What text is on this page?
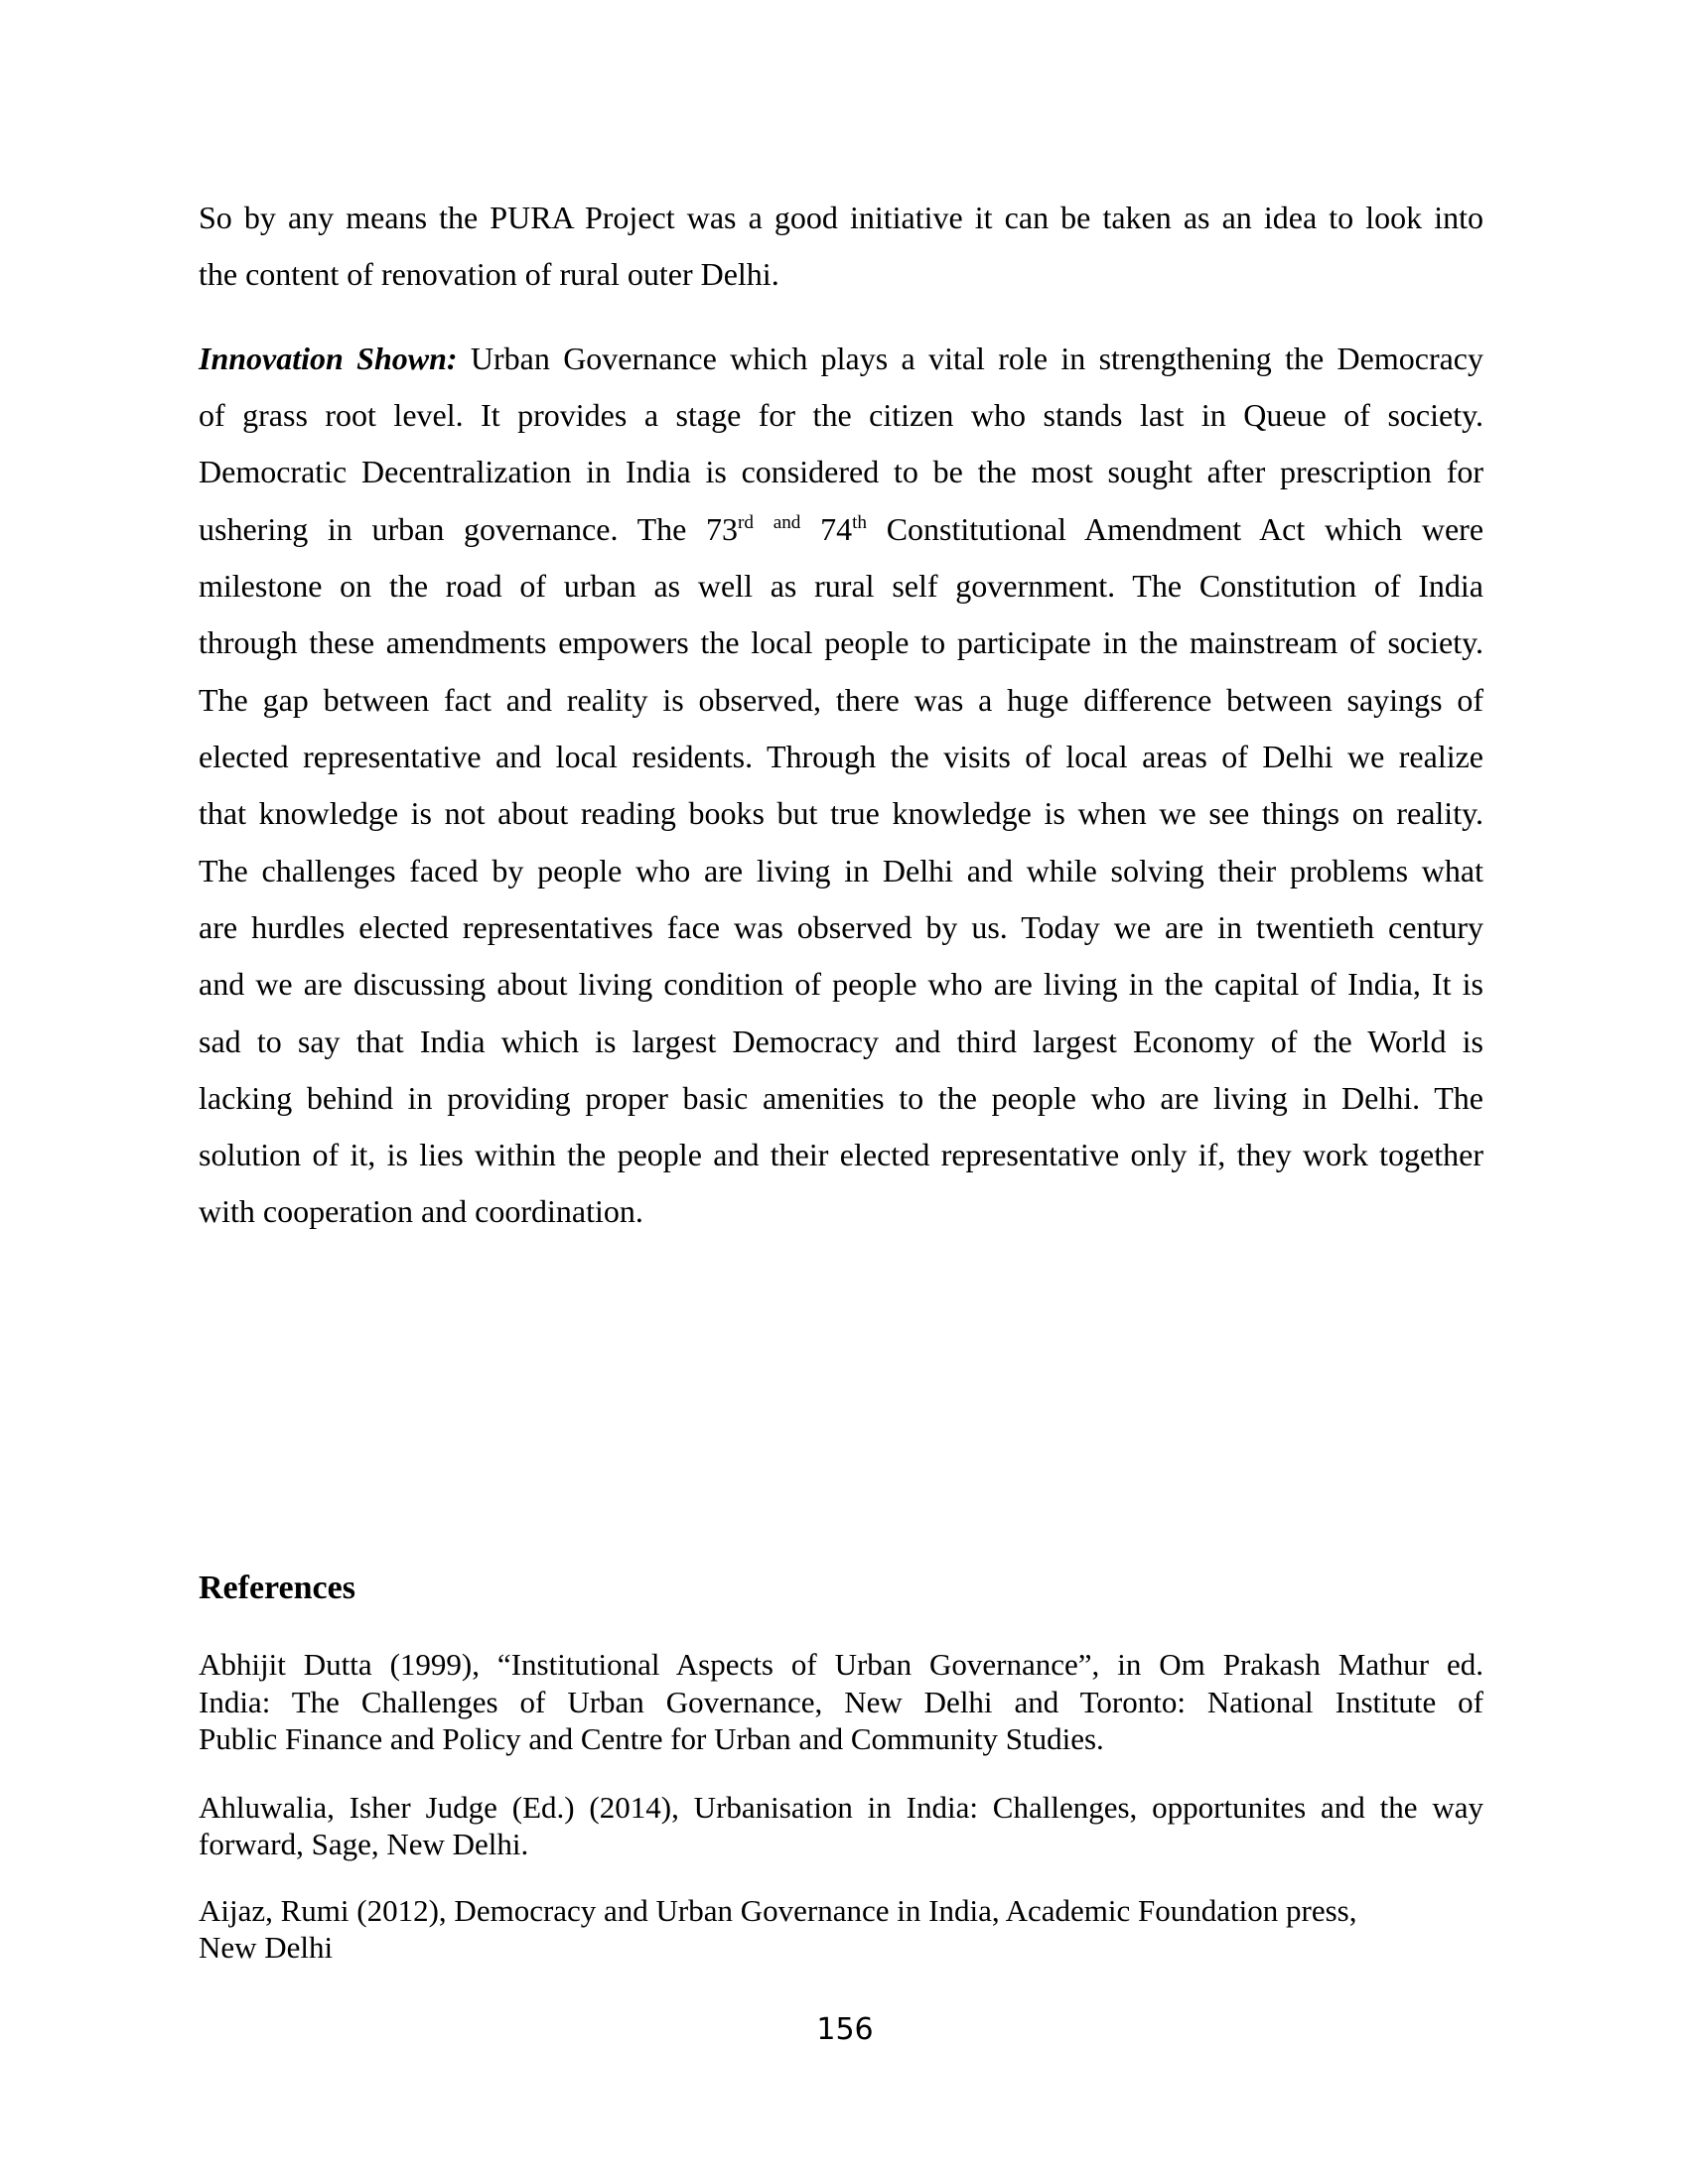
So by any means the PURA Project was a good initiative it can be taken as an idea to look into
the content of renovation of rural outer Delhi.
Innovation Shown: Urban Governance which plays a vital role in strengthening the Democracy
of grass root level. It provides a stage for the citizen who stands last in Queue of society.
Democratic Decentralization in India is considered to be the most sought after prescription for
ushering in urban governance. The 73rd $^{and}$ 74th Constitutional Amendment Act which were
milestone on the road of urban as well as rural self government. The Constitution of India
through these amendments empowers the local people to participate in the mainstream of society.
The gap between fact and reality is observed, there was a huge difference between sayings of
elected representative and local residents. Through the visits of local areas of Delhi we realize
that knowledge is not about reading books but true knowledge is when we see things on reality.
The challenges faced by people who are living in Delhi and while solving their problems what
are hurdles elected representatives face was observed by us. Today we are in twentieth century
and we are discussing about living condition of people who are living in the capital of India, It is
sad to say that India which is largest Democracy and third largest Economy of the World is
lacking behind in providing proper basic amenities to the people who are living in Delhi. The
solution of it, is lies within the people and their elected representative only if, they work together
with cooperation and coordination.
References
Abhijit Dutta (1999), “Institutional Aspects of Urban Governance”, in Om Prakash Mathur ed.
India: The Challenges of Urban Governance, New Delhi and Toronto: National Institute of
Public Finance and Policy and Centre for Urban and Community Studies.
Ahluwalia, Isher Judge (Ed.) (2014), Urbanisation in India: Challenges, opportunites and the way
forward, Sage, New Delhi.
Aijaz, Rumi (2012), Democracy and Urban Governance in India, Academic Foundation press,
New Delhi
156
